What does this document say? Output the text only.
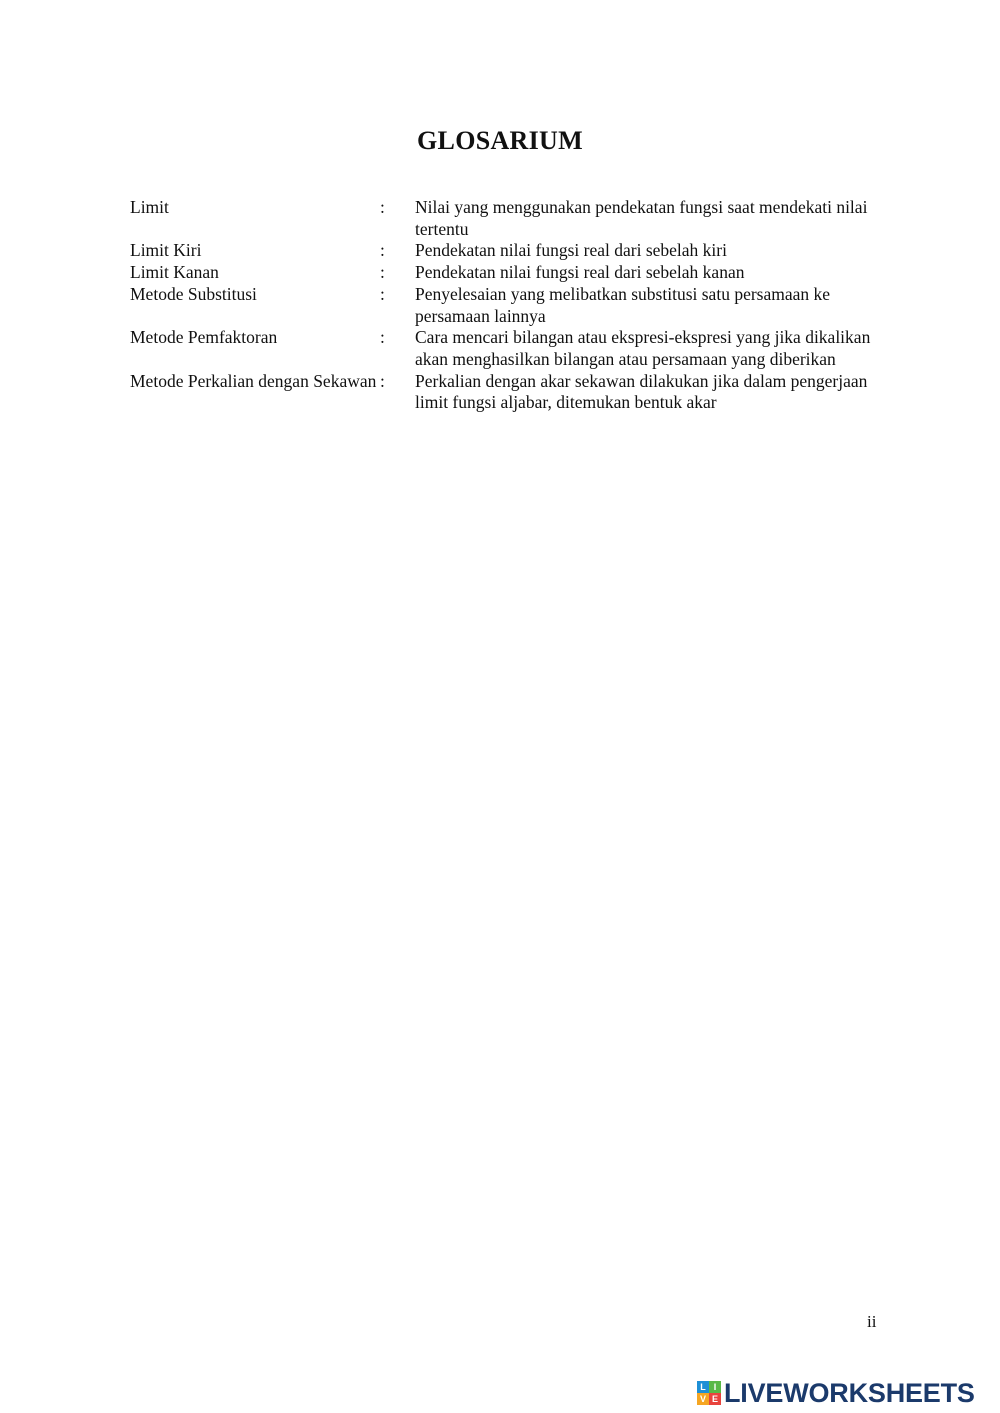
GLOSARIUM
Limit	:	Nilai yang menggunakan pendekatan fungsi saat mendekati nilai tertentu
Limit Kiri	:	Pendekatan nilai fungsi real dari sebelah kiri
Limit Kanan	:	Pendekatan nilai fungsi real dari sebelah kanan
Metode Substitusi	:	Penyelesaian yang melibatkan substitusi satu persamaan ke persamaan lainnya
Metode Pemfaktoran	:	Cara mencari bilangan atau ekspresi-ekspresi yang jika dikalikan akan menghasilkan bilangan atau persamaan yang diberikan
Metode Perkalian dengan Sekawan :	Perkalian dengan akar sekawan dilakukan jika dalam pengerjaan limit fungsi aljabar, ditemukan bentuk akar
ii
L I
V E LIVEWORKSHEETS
